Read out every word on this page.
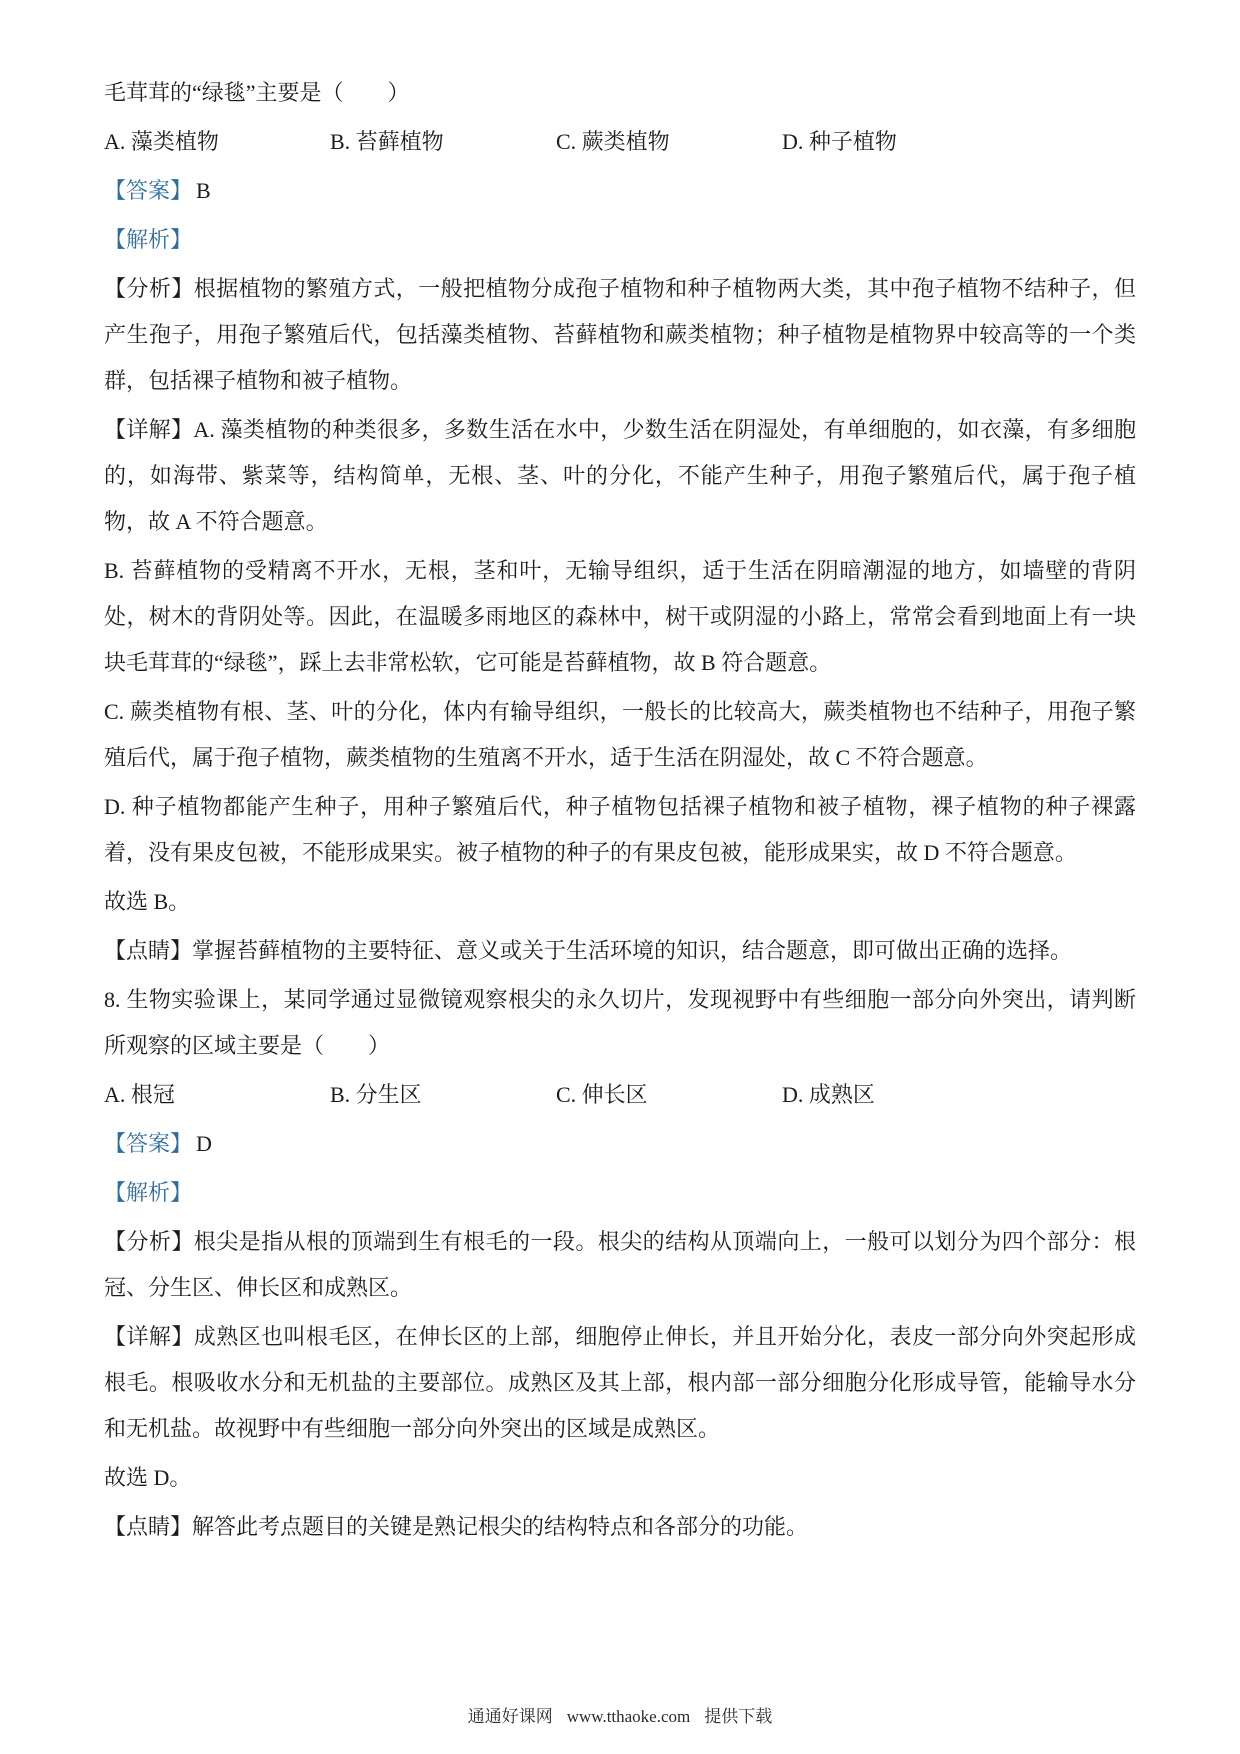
毛茸茸的“绿毯”主要是（　　）

A. 藻类植物	B. 苔藓植物	C. 蕨类植物	D. 种子植物

【答案】 B

【解析】

【分析】根据植物的繁殖方式，一般把植物分成孢子植物和种子植物两大类，其中孢子植物不结种子，但产生孢子，用孢子繁殖后代，包括藻类植物、苔藓植物和蕨类植物；种子植物是植物界中较高等的一个类群，包括裸子植物和被子植物。

【详解】A. 藻类植物的种类很多，多数生活在水中，少数生活在阴湿处，有单细胞的，如衣藻，有多细胞的，如海带、紫菜等，结构简单，无根、茎、叶的分化，不能产生种子，用孢子繁殖后代，属于孢子植物，故 A 不符合题意。

B. 苔藓植物的受精离不开水，无根，茎和叶，无输导组织，适于生活在阴暗潮湿的地方，如墙壁的背阴处，树木的背阴处等。因此，在温暖多雨地区的森林中，树干或阴湿的小路上，常常会看到地面上有一块块毛茸茸的“绿毯”，踩上去非常松软，它可能是苔藓植物，故 B 符合题意。

C. 蕨类植物有根、茎、叶的分化，体内有输导组织，一般长的比较高大，蕨类植物也不结种子，用孢子繁殖后代，属于孢子植物，蕨类植物的生殖离不开水，适于生活在阴湿处，故 C 不符合题意。

D. 种子植物都能产生种子，用种子繁殖后代，种子植物包括裸子植物和被子植物，裸子植物的种子裸露着，没有果皮包被，不能形成果实。被子植物的种子的有果皮包被，能形成果实，故 D 不符合题意。

故选 B。

【点睛】掌握苔藓植物的主要特征、意义或关于生活环境的知识，结合题意，即可做出正确的选择。

8. 生物实验课上，某同学通过显微镜观察根尖的永久切片，发现视野中有些细胞一部分向外突出，请判断所观察的区域主要是（　　）

A. 根冠	B. 分生区	C. 伸长区	D. 成熟区

【答案】 D

【解析】

【分析】根尖是指从根的顶端到生有根毛的一段。根尖的结构从顶端向上，一般可以划分为四个部分：根冠、分生区、伸长区和成熟区。

【详解】成熟区也叫根毛区，在伸长区的上部，细胞停止伸长，并且开始分化，表皮一部分向外突起形成根毛。根吸收水分和无机盐的主要部位。成熟区及其上部，根内部一部分细胞分化形成导管，能输导水分和无机盐。故视野中有些细胞一部分向外突出的区域是成熟区。

故选 D。

【点睛】解答此考点题目的关键是熟记根尖的结构特点和各部分的功能。

通通好课网 www.tthaoke.com 提供下载
